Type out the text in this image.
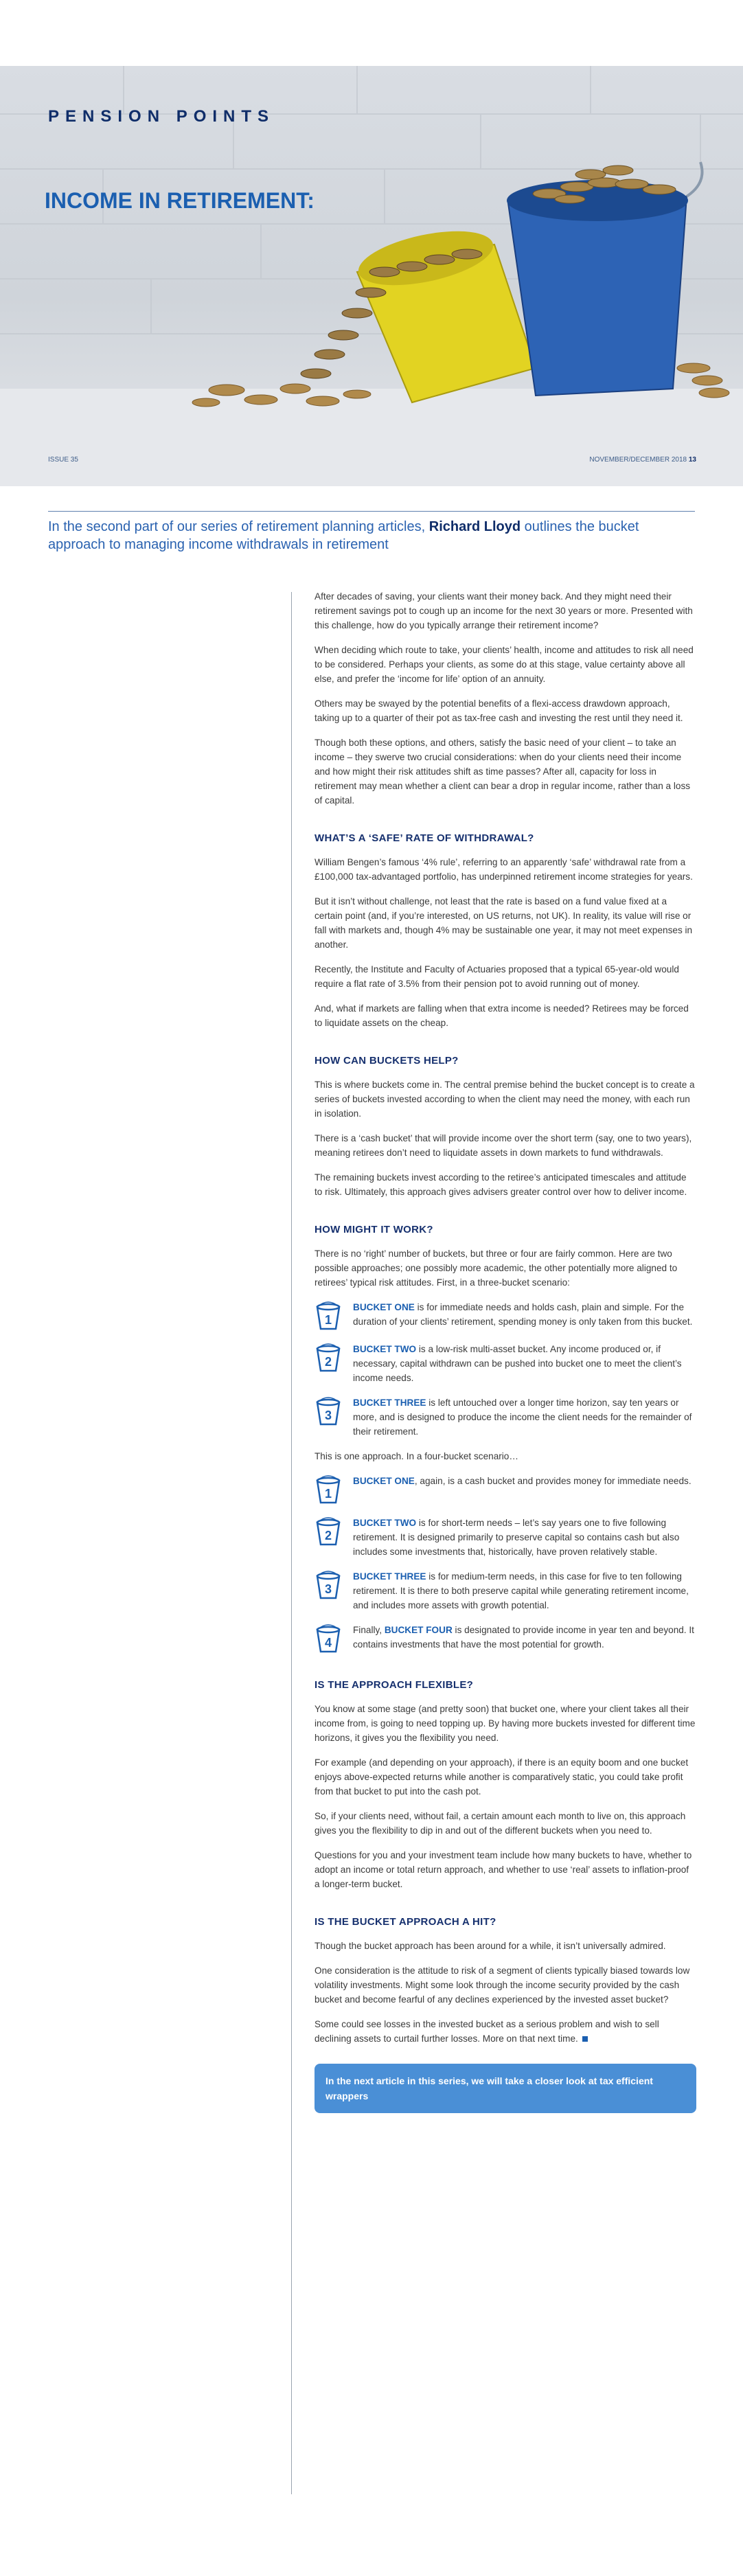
PENSION POINTS
INCOME IN RETIREMENT:
ISSUE 35	NOVEMBER/DECEMBER 2018 13
In the second part of our series of retirement planning articles, Richard Lloyd outlines the bucket approach to managing income withdrawals in retirement

After decades of saving, your clients want their money back. And they might need their retirement savings pot to cough up an income for the next 30 years or more. Presented with this challenge, how do you typically arrange their retirement income?

When deciding which route to take, your clients’ health, income and attitudes to risk all need to be considered. Perhaps your clients, as some do at this stage, value certainty above all else, and prefer the ‘income for life’ option of an annuity.

Others may be swayed by the potential benefits of a flexi-access drawdown approach, taking up to a quarter of their pot as tax-free cash and investing the rest until they need it.

Though both these options, and others, satisfy the basic need of your client – to take an income – they swerve two crucial considerations: when do your clients need their income and how might their risk attitudes shift as time passes? After all, capacity for loss in retirement may mean whether a client can bear a drop in regular income, rather than a loss of capital.

WHAT’S A ‘SAFE’ RATE OF WITHDRAWAL?

William Bengen’s famous ‘4% rule’, referring to an apparently ‘safe’ withdrawal rate from a £100,000 tax-advantaged portfolio, has underpinned retirement income strategies for years.

But it isn’t without challenge, not least that the rate is based on a fund value fixed at a certain point (and, if you’re interested, on US returns, not UK). In reality, its value will rise or fall with markets and, though 4% may be sustainable one year, it may not meet expenses in another.

Recently, the Institute and Faculty of Actuaries proposed that a typical 65-year-old would require a flat rate of 3.5% from their pension pot to avoid running out of money.

And, what if markets are falling when that extra income is needed? Retirees may be forced to liquidate assets on the cheap.

HOW CAN BUCKETS HELP?

This is where buckets come in. The central premise behind the bucket concept is to create a series of buckets invested according to when the client may need the money, with each run in isolation.

There is a ‘cash bucket’ that will provide income over the short term (say, one to two years), meaning retirees don’t need to liquidate assets in down markets to fund withdrawals.

The remaining buckets invest according to the retiree’s anticipated timescales and attitude to risk. Ultimately, this approach gives advisers greater control over how to deliver income.

HOW MIGHT IT WORK?

There is no ‘right’ number of buckets, but three or four are fairly common. Here are two possible approaches; one possibly more academic, the other potentially more aligned to retirees’ typical risk attitudes. First, in a three-bucket scenario:

1
BUCKET ONE is for immediate needs and holds cash, plain and simple. For the duration of your clients’ retirement, spending money is only taken from this bucket.
2
BUCKET TWO is a low-risk multi-asset bucket. Any income produced or, if necessary, capital withdrawn can be pushed into bucket one to meet the client’s income needs.
3
BUCKET THREE is left untouched over a longer time horizon, say ten years or more, and is designed to produce the income the client needs for the remainder of their retirement.

This is one approach. In a four-bucket scenario…

1
BUCKET ONE, again, is a cash bucket and provides money for immediate needs.
2
BUCKET TWO is for short-term needs – let’s say years one to five following retirement. It is designed primarily to preserve capital so contains cash but also includes some investments that, historically, have proven relatively stable.
3
BUCKET THREE is for medium-term needs, in this case for five to ten following retirement. It is there to both preserve capital while generating retirement income, and includes more assets with growth potential.
4
Finally, BUCKET FOUR is designated to provide income in year ten and beyond. It contains investments that have the most potential for growth.
IS THE APPROACH FLEXIBLE?

You know at some stage (and pretty soon) that bucket one, where your client takes all their income from, is going to need topping up. By having more buckets invested for different time horizons, it gives you the flexibility you need.

For example (and depending on your approach), if there is an equity boom and one bucket enjoys above-expected returns while another is comparatively static, you could take profit from that bucket to put into the cash pot.

So, if your clients need, without fail, a certain amount each month to live on, this approach gives you the flexibility to dip in and out of the different buckets when you need to.

Questions for you and your investment team include how many buckets to have, whether to adopt an income or total return approach, and whether to use ‘real’ assets to inflation-proof a longer-term bucket.

IS THE BUCKET APPROACH A HIT?

Though the bucket approach has been around for a while, it isn’t universally admired.

One consideration is the attitude to risk of a segment of clients typically biased towards low volatility investments. Might some look through the income security provided by the cash bucket and become fearful of any declines experienced by the invested asset bucket?

Some could see losses in the invested bucket as a serious problem and wish to sell declining assets to curtail further losses. More on that next time.

In the next article in this series, we will take a closer look at tax efficient wrappers
